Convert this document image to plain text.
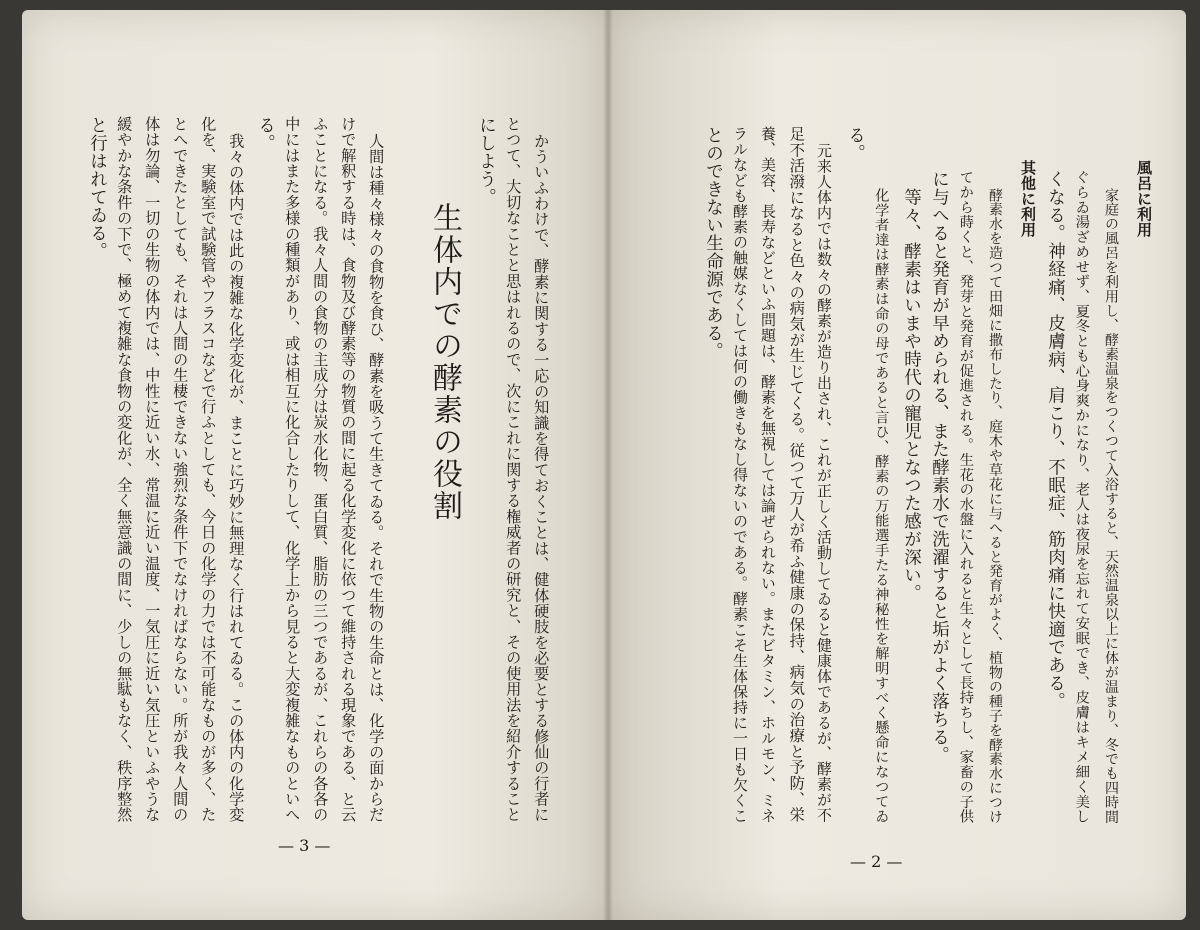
風呂に利用
家庭の風呂を利用し、酵素温泉をつくつて入浴すると、天然温泉以上に体が温まり、冬でも四時間
ぐらゐ湯ざめせず、夏冬とも心身爽かになり、老人は夜尿を忘れて安眠でき、皮膚はキメ細く美し
くなる。神経痛、皮膚病、肩こり、不眠症、筋肉痛に快適である。
其他に利用
酵素水を造つて田畑に撒布したり、庭木や草花に与へると発育がよく、植物の種子を酵素水につけ
てから蒔くと、発芽と発育が促進される。生花の水盤に入れると生々として長持ちし、家畜の子供
に与へると発育が早められる、また酵素水で洗濯すると垢がよく落ちる。
等々、酵素はいまや時代の寵児となつた感が深い。
化学者達は酵素は命の母であると言ひ、酵素の万能選手たる神秘性を解明すべく懸命になつてゐ
る。
元来人体内では数々の酵素が造り出され、これが正しく活動してゐると健康体であるが、酵素が不
足不活潑になると色々の病気が生じてくる。従つて万人が希ふ健康の保持、病気の治療と予防、栄
養、美容、長寿などといふ問題は、酵素を無視しては論ぜられない。またビタミン、ホルモン、ミネ
ラルなども酵素の触媒なくしては何の働きもなし得ないのである。酵素こそ生体保持に一日も欠くこ
とのできない生命源である。
— 2 —
かういふわけで、酵素に関する一応の知識を得ておくことは、健体硬肢を必要とする修仙の行者に
とつて、大切なことと思はれるので、次にこれに関する権威者の研究と、その使用法を紹介すること
にしよう。
生体内での酵素の役割
人間は種々様々の食物を食ひ、酵素を吸うて生きてゐる。それで生物の生命とは、化学の面からだ
けで解釈する時は、食物及び酵素等の物質の間に起る化学変化に依つて維持される現象である、と云
ふことになる。我々人間の食物の主成分は炭水化物、蛋白質、脂肪の三つであるが、これらの各各の
中にはまた多様の種類があり、或は相互に化合したりして、化学上から見ると大変複雑なものといへ
る。
我々の体内では此の複雑な化学変化が、まことに巧妙に無理なく行はれてゐる。この体内の化学変
化を、実験室で試験管やフラスコなどで行ふとしても、今日の化学の力では不可能なものが多く、た
とへできたとしても、それは人間の生棲できない強烈な条件下でなければならない。所が我々人間の
体は勿論、一切の生物の体内では、中性に近い水、常温に近い温度、一気圧に近い気圧といふやうな
緩やかな条件の下で、極めて複雑な食物の変化が、全く無意識の間に、少しの無駄もなく、秩序整然
と行はれてゐる。
— 3 —
